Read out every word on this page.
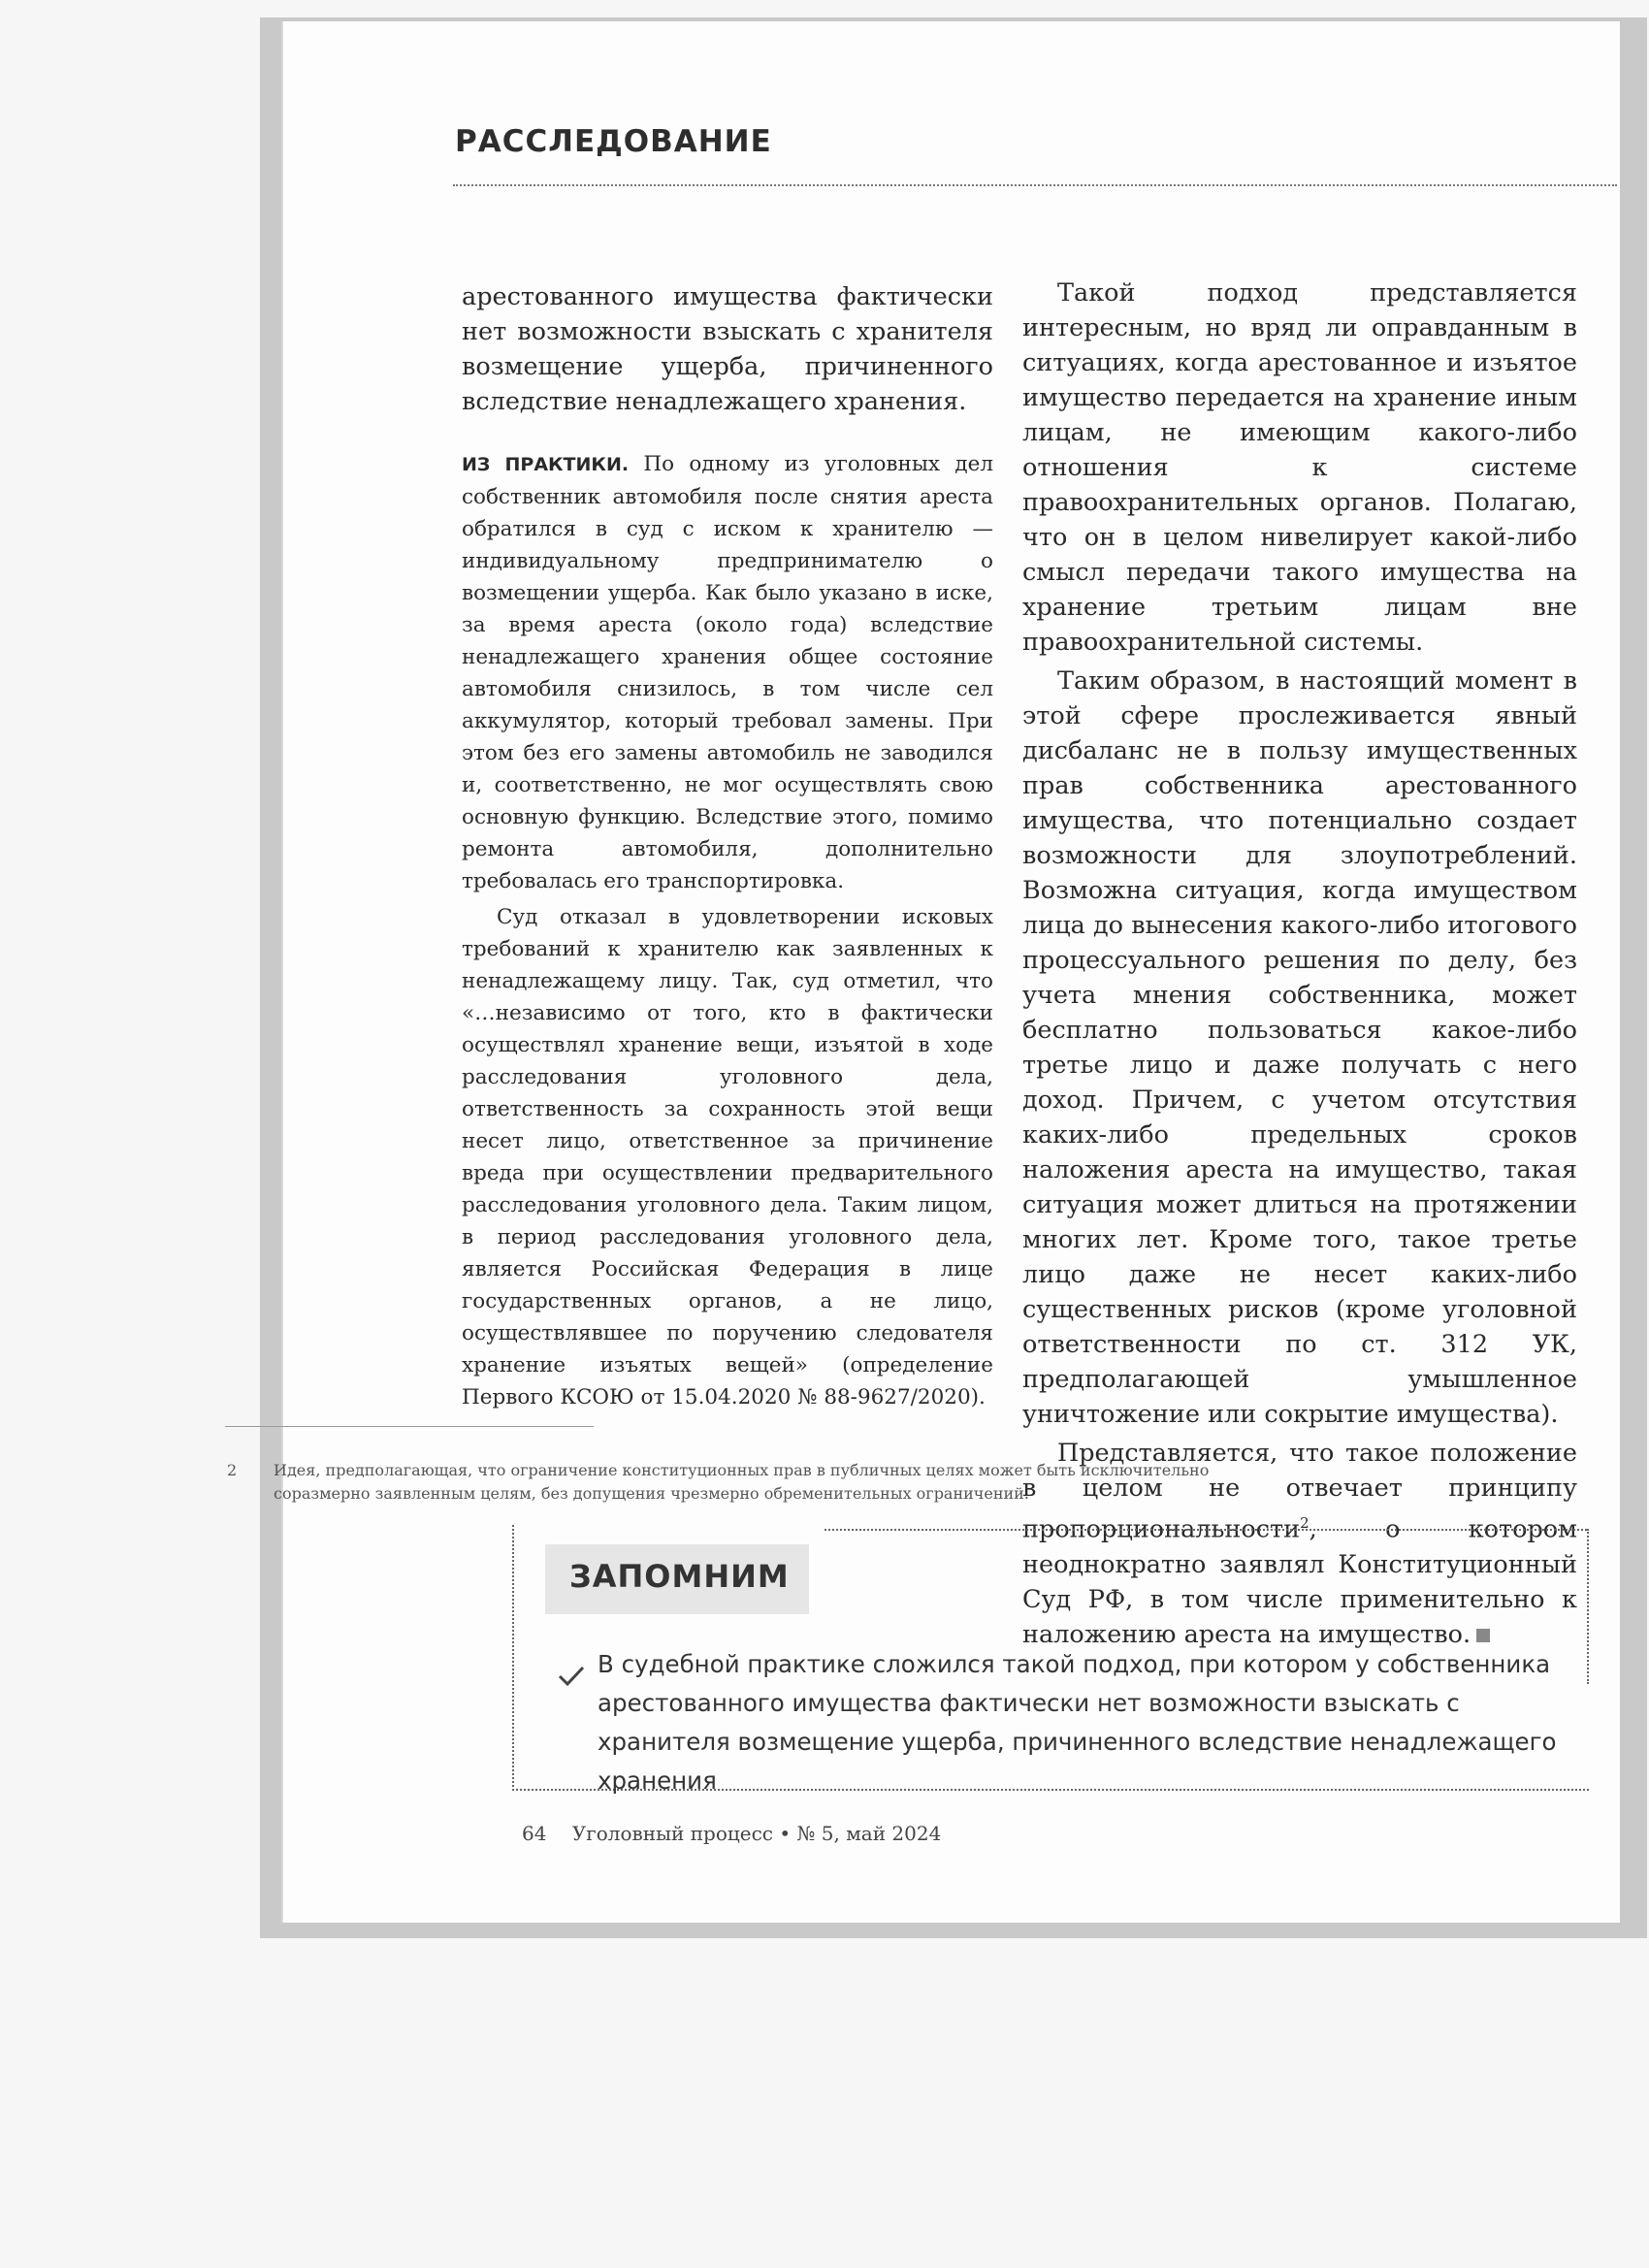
РАССЛЕДОВАНИЕ

арестованного имущества фактически нет возможности взыскать с хранителя возмещение ущерба, причиненного вследствие ненадлежащего хранения.

ИЗ ПРАКТИКИ. По одному из уголовных дел собственник автомобиля после снятия ареста обратился в суд с иском к хранителю — индивидуальному предпринимателю о возмещении ущерба. Как было указано в иске, за время ареста (около года) вследствие ненадлежащего хранения общее состояние автомобиля снизилось, в том числе сел аккумулятор, который требовал замены. При этом без его замены автомобиль не заводился и, соответственно, не мог осуществлять свою основную функцию. Вследствие этого, помимо ремонта автомобиля, дополнительно требовалась его транспортировка.

Суд отказал в удовлетворении исковых требований к хранителю как заявленных к ненадлежащему лицу. Так, суд отметил, что «…независимо от того, кто в фактически осуществлял хранение вещи, изъятой в ходе расследования уголовного дела, ответственность за сохранность этой вещи несет лицо, ответственное за причинение вреда при осуществлении предварительного расследования уголовного дела. Таким лицом, в период расследования уголовного дела, является Российская Федерация в лице государственных органов, а не лицо, осуществлявшее по поручению следователя хранение изъятых вещей» (определение Первого КСОЮ от 15.04.2020 № 88-9627/2020).

Такой подход представляется интересным, но вряд ли оправданным в ситуациях, когда арестованное и изъятое имущество передается на хранение иным лицам, не имеющим какого-либо отношения к системе правоохранительных органов. Полагаю, что он в целом нивелирует какой-либо смысл передачи такого имущества на хранение третьим лицам вне правоохранительной системы.

Таким образом, в настоящий момент в этой сфере прослеживается явный дисбаланс не в пользу имущественных прав собственника арестованного имущества, что потенциально создает возможности для злоупотреблений. Возможна ситуация, когда имуществом лица до вынесения какого-либо итогового процессуального решения по делу, без учета мнения собственника, может бесплатно пользоваться какое-либо третье лицо и даже получать с него доход. Причем, с учетом отсутствия каких-либо предельных сроков наложения ареста на имущество, такая ситуация может длиться на протяжении многих лет. Кроме того, такое третье лицо даже не несет каких-либо существенных рисков (кроме уголовной ответственности по ст. 312 УК, предполагающей умышленное уничтожение или сокрытие имущества).

Представляется, что такое положение в целом не отвечает принципу пропорциональности$^2$, о котором неоднократно заявлял Конституционный Суд РФ, в том числе применительно к наложению ареста на имущество.

2 Идея, предполагающая, что ограничение конституционных прав в публичных целях может быть исключительно соразмерно заявленным целям, без допущения чрезмерно обременительных ограничений.
ЗАПОМНИМ
В судебной практике сложился такой подход, при котором у собственника арестованного имущества фактически нет возможности взыскать с хранителя возмещение ущерба, причиненного вследствие ненадлежащего хранения
64 Уголовный процесс • № 5, май 2024
